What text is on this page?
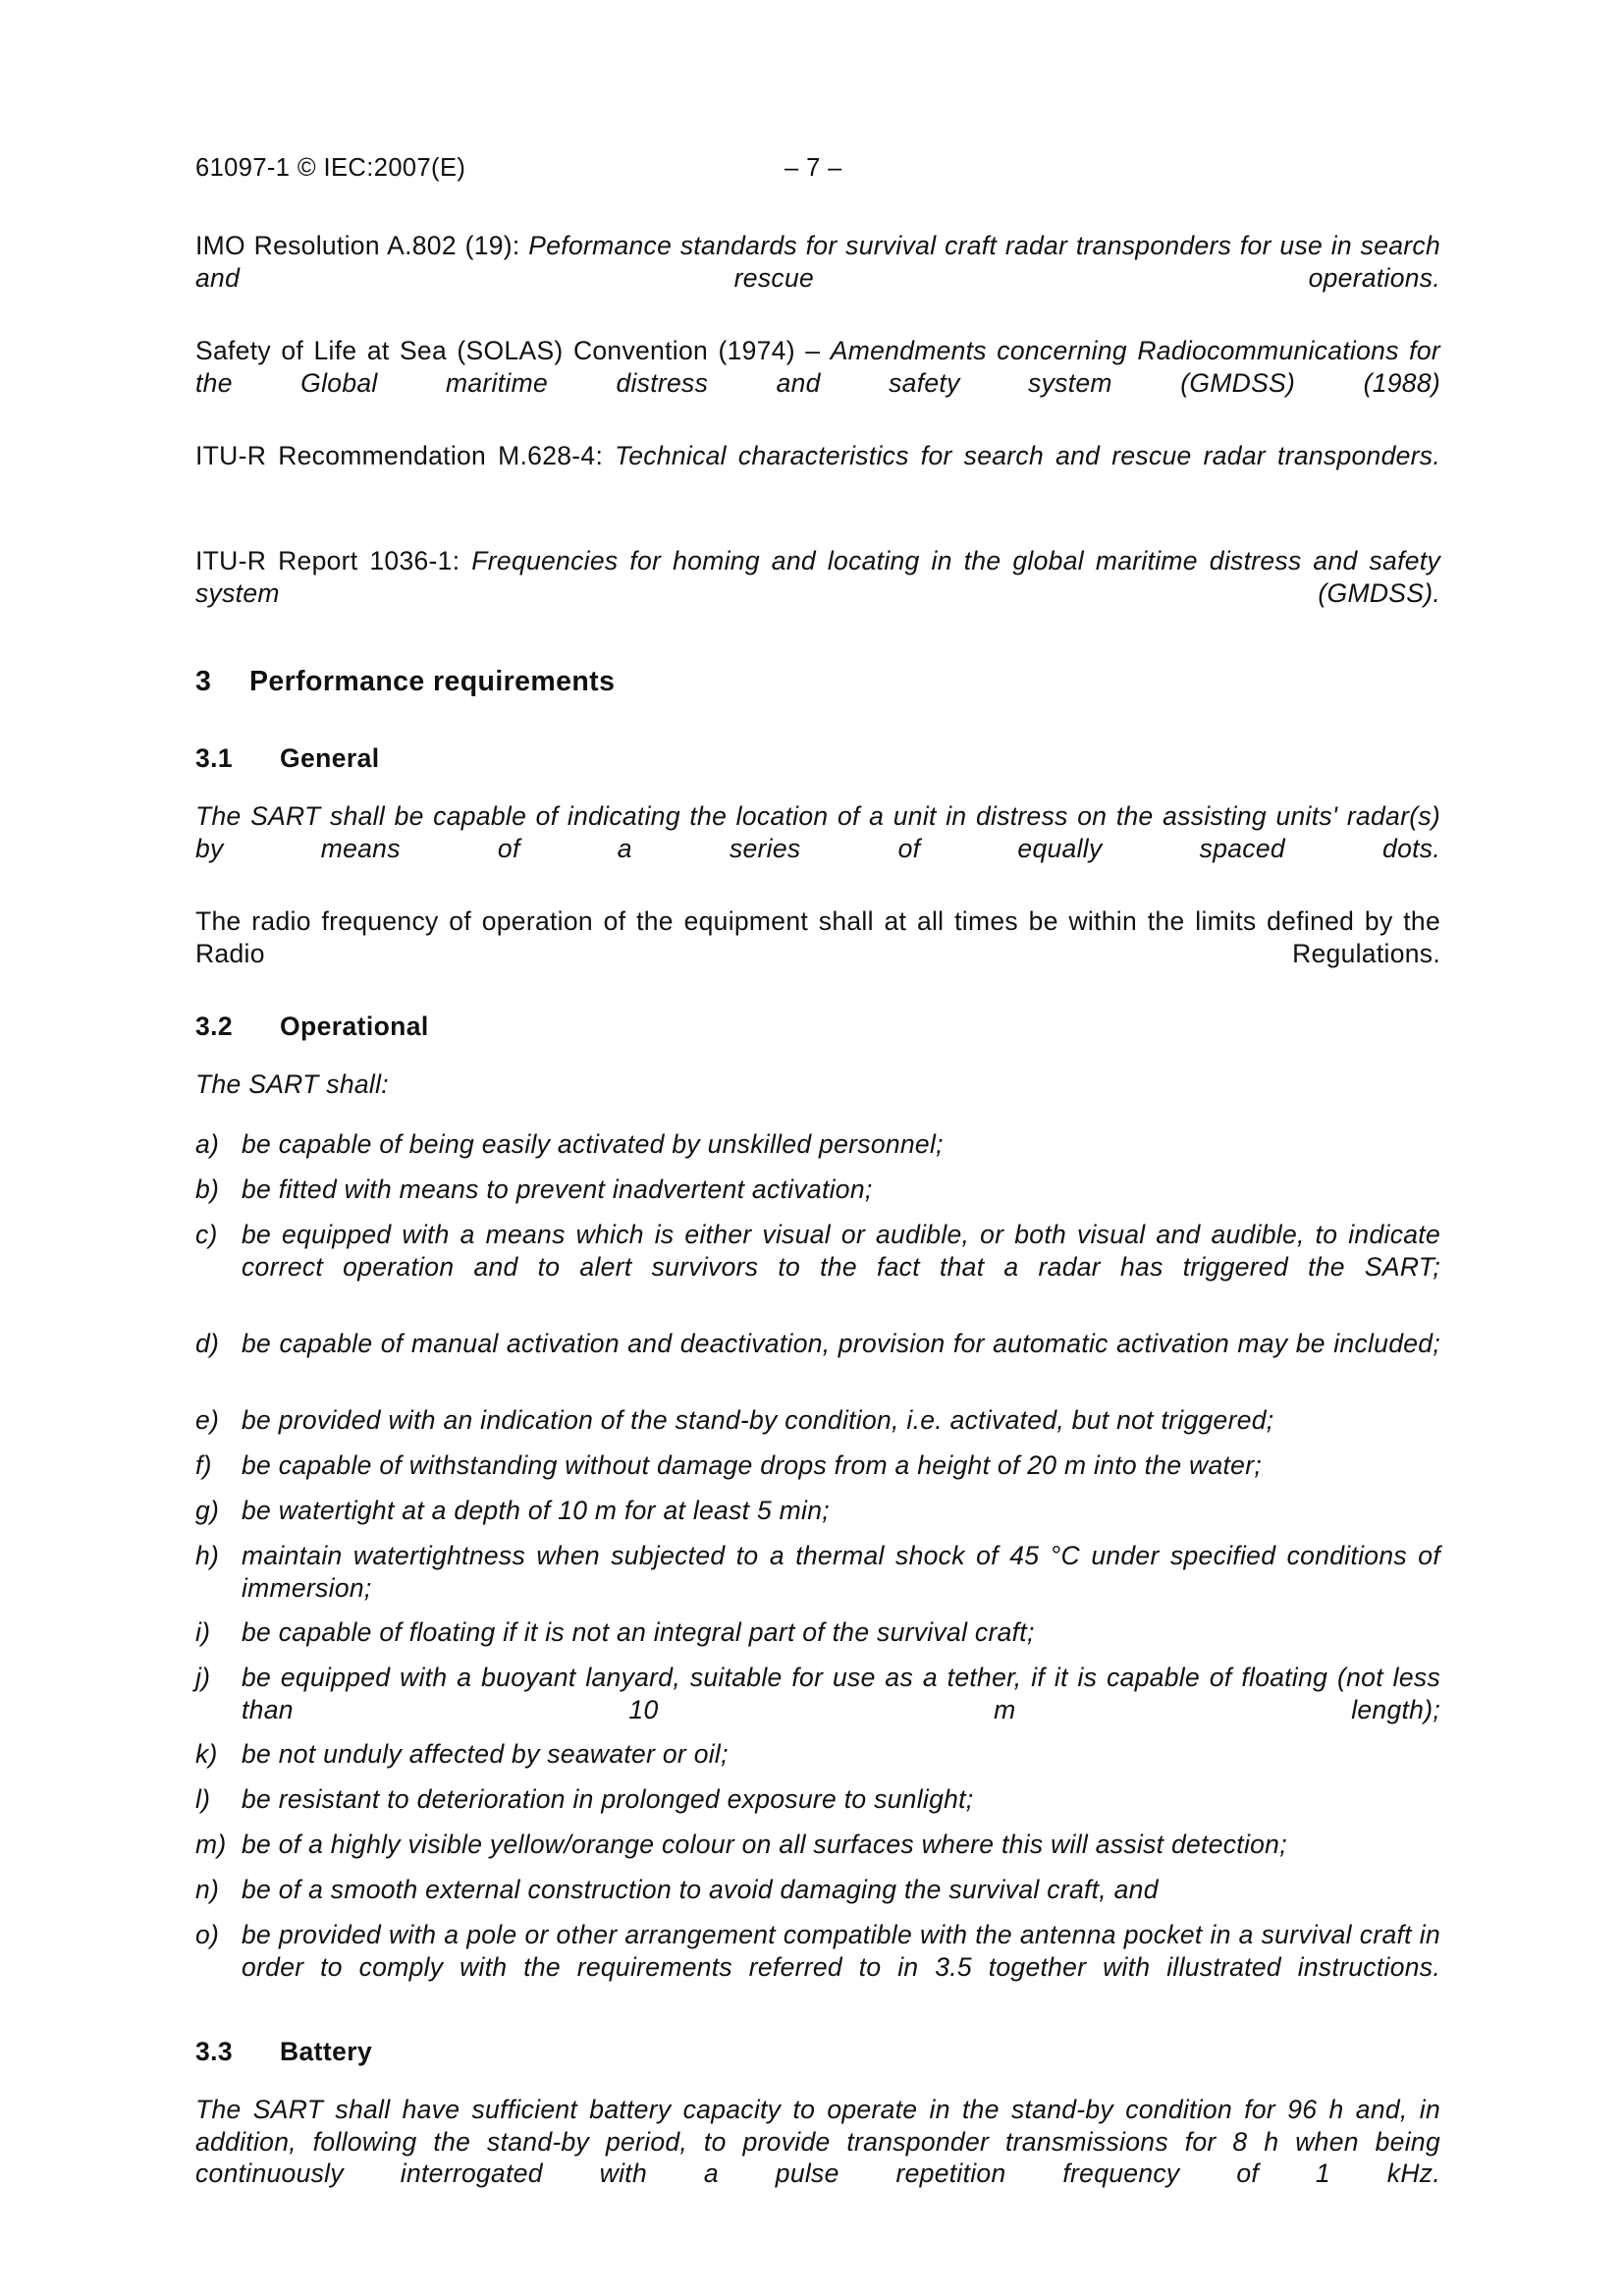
61097-1 © IEC:2007(E)	– 7 –
IMO Resolution A.802 (19): Peformance standards for survival craft radar transponders for use in search and rescue operations.
Safety of Life at Sea (SOLAS) Convention (1974) – Amendments concerning Radiocommunications for the Global maritime distress and safety system (GMDSS) (1988)
ITU-R Recommendation M.628-4: Technical characteristics for search and rescue radar transponders.
ITU-R Report 1036-1: Frequencies for homing and locating in the global maritime distress and safety system (GMDSS).
3 Performance requirements
3.1 General
The SART shall be capable of indicating the location of a unit in distress on the assisting units' radar(s) by means of a series of equally spaced dots.
The radio frequency of operation of the equipment shall at all times be within the limits defined by the Radio Regulations.
3.2 Operational
The SART shall:
a) be capable of being easily activated by unskilled personnel;
b) be fitted with means to prevent inadvertent activation;
c) be equipped with a means which is either visual or audible, or both visual and audible, to indicate correct operation and to alert survivors to the fact that a radar has triggered the SART;
d) be capable of manual activation and deactivation, provision for automatic activation may be included;
e) be provided with an indication of the stand-by condition, i.e. activated, but not triggered;
f) be capable of withstanding without damage drops from a height of 20 m into the water;
g) be watertight at a depth of 10 m for at least 5 min;
h) maintain watertightness when subjected to a thermal shock of 45 °C under specified conditions of immersion;
i) be capable of floating if it is not an integral part of the survival craft;
j) be equipped with a buoyant lanyard, suitable for use as a tether, if it is capable of floating (not less than 10 m length);
k) be not unduly affected by seawater or oil;
l) be resistant to deterioration in prolonged exposure to sunlight;
m) be of a highly visible yellow/orange colour on all surfaces where this will assist detection;
n) be of a smooth external construction to avoid damaging the survival craft, and
o) be provided with a pole or other arrangement compatible with the antenna pocket in a survival craft in order to comply with the requirements referred to in 3.5 together with illustrated instructions.
3.3 Battery
The SART shall have sufficient battery capacity to operate in the stand-by condition for 96 h and, in addition, following the stand-by period, to provide transponder transmissions for 8 h when being continuously interrogated with a pulse repetition frequency of 1 kHz.
